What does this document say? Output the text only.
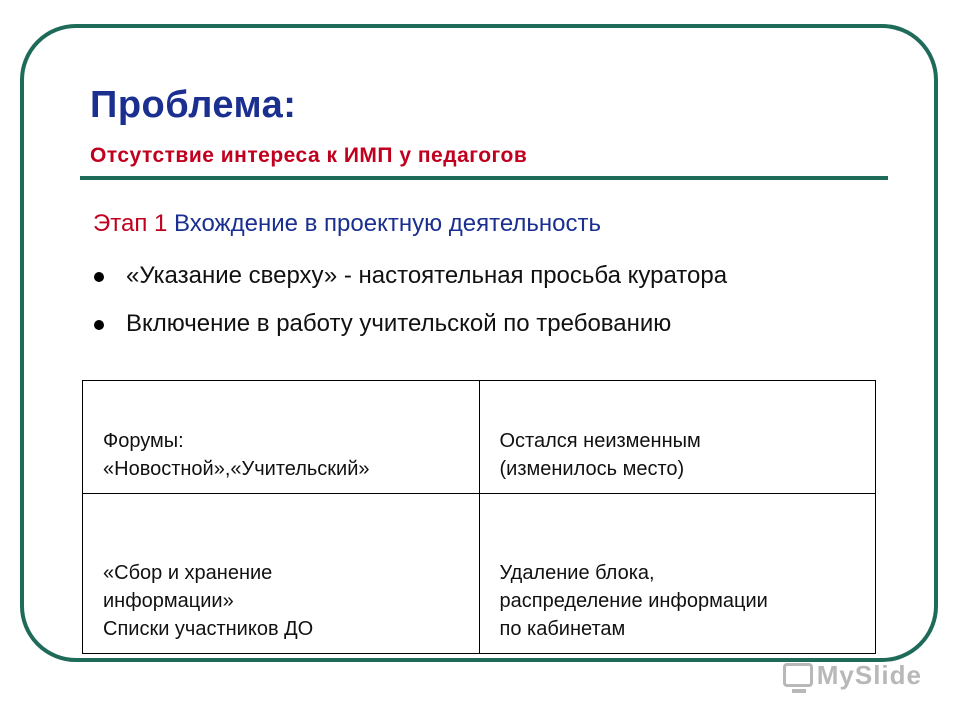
Проблема:
Отсутствие интереса к ИМП у педагогов
Этап 1 Вхождение в проектную деятельность
«Указание сверху» - настоятельная просьба куратора
Включение в работу учительской по требованию
Форумы:
«Новостной»,«Учительский»	Остался неизменным
(изменилось место)
«Сбор и хранение
информации»
Списки участников ДО	Удаление блока,
распределение информации
по кабинетам
MySlide
